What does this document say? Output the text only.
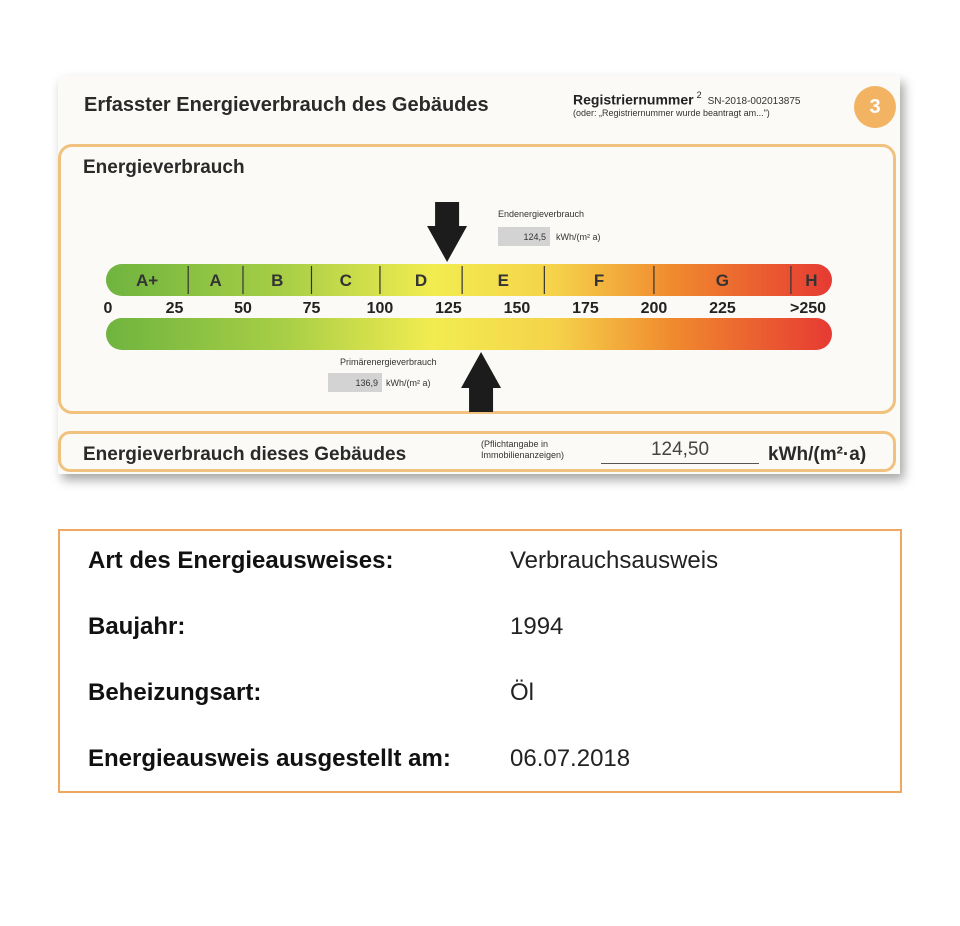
Erfasster Energieverbrauch des Gebäudes	Registriernummer $^2$SN-2018-002013875
(oder: „Registriernummer wurde beantragt am...")	3
Energieverbrauch
Endenergieverbrauch
124,5	kWh/(m² a)
Primärenergieverbrauch
136,9 kWh/(m² a)
A+	A	B	C	D	E	F	G	H
0	25	50	75	100	125	150	175	200	225	>250
Energieverbrauch dieses Gebäudes	(Pflichtangabe in
Immobilienanzeigen)	124,50	kWh/(m²·a)
Art des Energieausweises:	Verbrauchsausweis
Baujahr:	1994
Beheizungsart:	Öl
Energieausweis ausgestellt am: 06.07.2018
